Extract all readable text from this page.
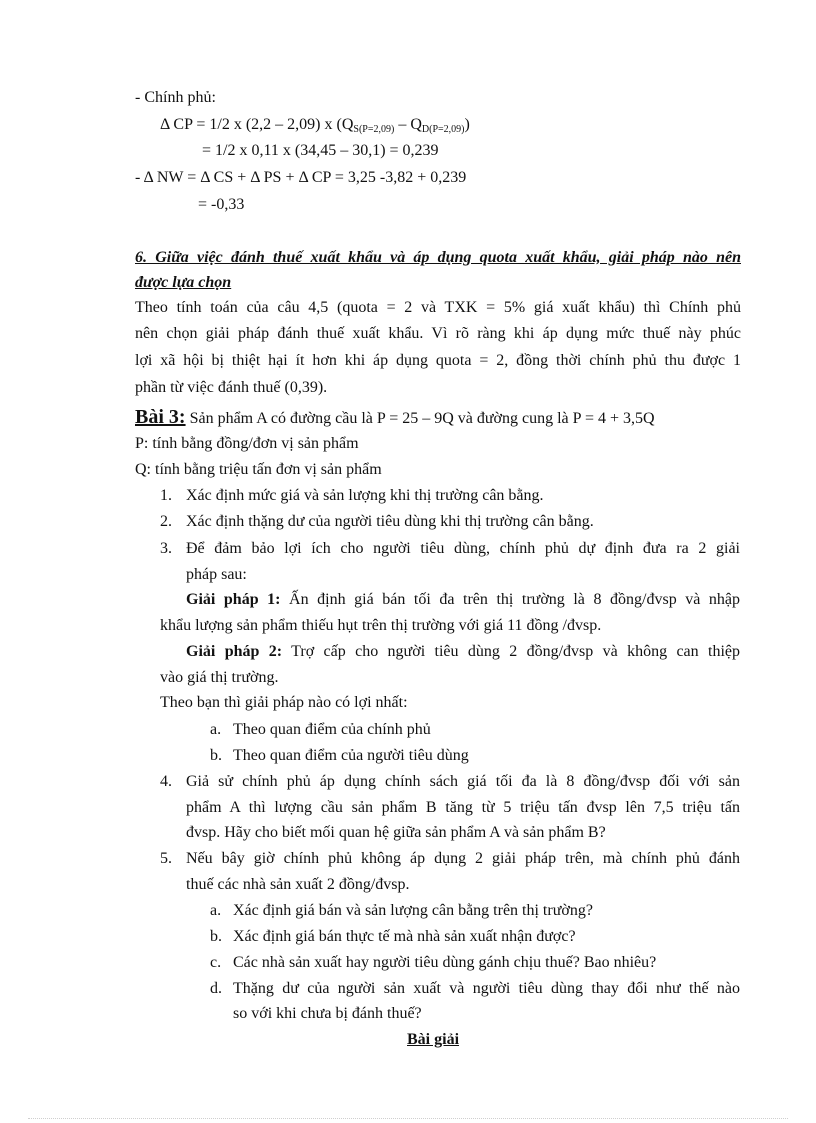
- Chính phủ:
Δ CP = 1/2 x (2,2 – 2,09) x $(Q_{S(P=2,09)} - Q_{D(P=2,09)})$
= 1/2 x 0,11 x (34,45 – 30,1) = 0,239
- Δ NW = Δ CS + Δ PS + Δ CP = 3,25 -3,82 + 0,239
= -0,33
6. Giữa việc đánh thuế xuất khẩu và áp dụng quota xuất khẩu, giải pháp nào nên
được lựa chọn
Theo tính toán của câu 4,5 (quota = 2 và TXK = 5% giá xuất khẩu) thì Chính phủ
nên chọn giải pháp đánh thuế xuất khẩu. Vì rõ ràng khi áp dụng mức thuế này phúc
lợi xã hội bị thiệt hại ít hơn khi áp dụng quota = 2, đồng thời chính phủ thu được 1
phần từ việc đánh thuế (0,39).
Bài 3: Sản phẩm A có đường cầu là P = 25 – 9Q và đường cung là P = 4 + 3,5Q
P: tính bằng đồng/đơn vị sản phẩm
Q: tính bằng triệu tấn đơn vị sản phẩm
1. Xác định mức giá và sản lượng khi thị trường cân bằng.
2. Xác định thặng dư của người tiêu dùng khi thị trường cân bằng.
3. Để đảm bảo lợi ích cho người tiêu dùng, chính phủ dự định đưa ra 2 giải
pháp sau:
Giải pháp 1: Ấn định giá bán tối đa trên thị trường là 8 đồng/đvsp và nhập
khẩu lượng sản phẩm thiếu hụt trên thị trường với giá 11 đồng /đvsp.
Giải pháp 2: Trợ cấp cho người tiêu dùng 2 đồng/đvsp và không can thiệp
vào giá thị trường.
Theo bạn thì giải pháp nào có lợi nhất:
a. Theo quan điểm của chính phủ
b. Theo quan điểm của người tiêu dùng
4. Giả sử chính phủ áp dụng chính sách giá tối đa là 8 đồng/đvsp đối với sản
phẩm A thì lượng cầu sản phẩm B tăng từ 5 triệu tấn đvsp lên 7,5 triệu tấn
đvsp. Hãy cho biết mối quan hệ giữa sản phẩm A và sản phẩm B?
5. Nếu bây giờ chính phủ không áp dụng 2 giải pháp trên, mà chính phủ đánh
thuế các nhà sản xuất 2 đồng/đvsp.
a. Xác định giá bán và sản lượng cân bằng trên thị trường?
b. Xác định giá bán thực tế mà nhà sản xuất nhận được?
c. Các nhà sản xuất hay người tiêu dùng gánh chịu thuế? Bao nhiêu?
d. Thặng dư của người sản xuất và người tiêu dùng thay đổi như thế nào
so với khi chưa bị đánh thuế?
Bài giải
